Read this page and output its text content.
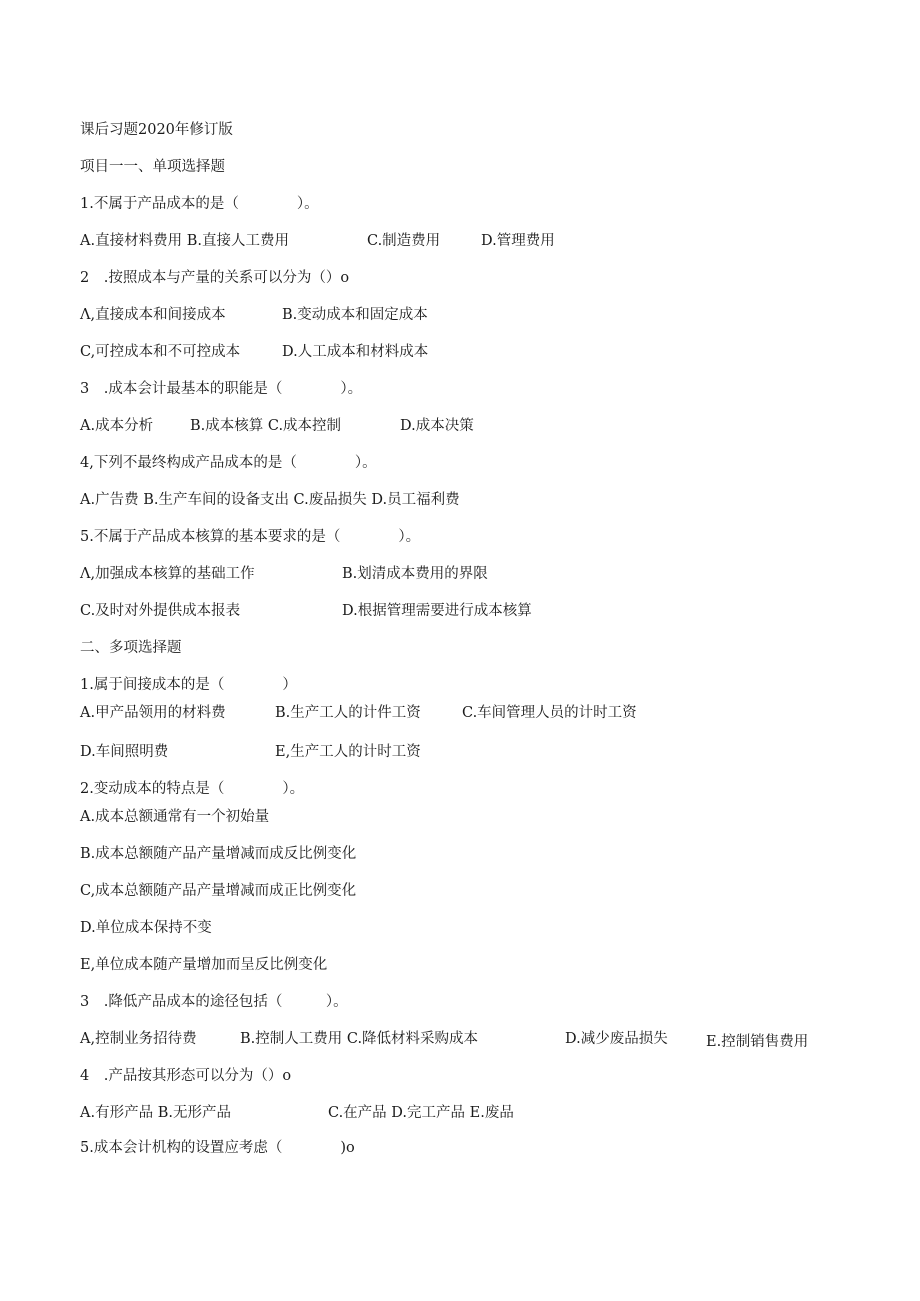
课后习题2020年修订版
项目一一、单项选择题
1.不属于产品成本的是（　　　　）。
A.直接材料费用 B.直接人工费用	C.制造费用	D.管理费用
2　.按照成本与产量的关系可以分为（）o
Λ,直接成本和间接成本	B.变动成本和固定成本
C,可控成本和不可控成本	D.人工成本和材料成本
3　.成本会计最基本的职能是（　　　　）。
A.成本分析	B.成本核算 C.成本控制	D.成本决策
4,下列不最终构成产品成本的是（　　　　）。
A.广告费 B.生产车间的设备支出 C.废品损失 D.员工福利费
5.不属于产品成本核算的基本要求的是（　　　　）。
Λ,加强成本核算的基础工作	B.划清成本费用的界限
C.及时对外提供成本报表	D.根据管理需要进行成本核算
二、多项选择题
1.属于间接成本的是（　　　　）
A.甲产品领用的材料费	B.生产工人的计件工资	C.车间管理人员的计时工资
D.车间照明费	E,生产工人的计时工资
2.变动成本的特点是（　　　　）。
A.成本总额通常有一个初始量
B.成本总额随产品产量增减而成反比例变化
C,成本总额随产品产量增减而成正比例变化
D.单位成本保持不变
E,单位成本随产量增加而呈反比例变化
3　.降低产品成本的途径包括（　　　）。
A,控制业务招待费	B.控制人工费用 C.降低材料采购成本	D.减少废品损失	E.控制销售费用
4　.产品按其形态可以分为（）o
A.有形产品 B.无形产品	C.在产品 D.完工产品 E.废品
5.成本会计机构的设置应考虑（　　　　)o
